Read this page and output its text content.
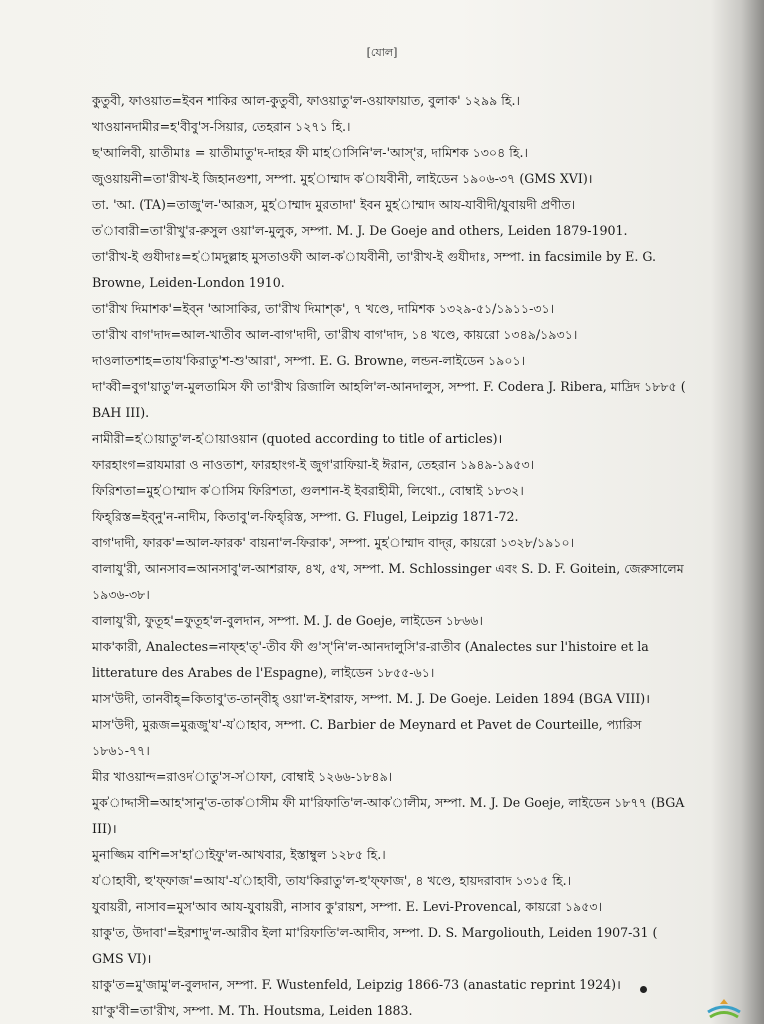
[যোল]

কুতুবী, ফাওয়াত=ইবন শাকির আল-কুতুবী, ফাওয়াতু'ল-ওয়াফায়াত, বুলাক' ১২৯৯ হি.।

খাওয়ানদামীর=হ'বীবু'স-সিয়ার, তেহরান ১২৭১ হি.।

ছ'আলিবী, য়াতীমাঃ = য়াতীমাতু'দ-দাহর ফী মাহ'াসিনি'ল-'আস্'র, দামিশক ১৩০৪ হি.।

জুওয়ায়নী=তা'রীখ-ই জিহানগুশা, সম্পা. মুহ'াম্মাদ ক'াযবীনী, লাইডেন ১৯০৬-৩৭ (GMS XVI)।

তা. 'আ. (TA)=তাজু'ল-'আরূস, মুহ'াম্মাদ মুরতাদা' ইবন মুহ'াম্মাদ আয-যাবীদী/যুবায়দী প্রণীত।

ত'াবারী=তা'রীখু'র-রুসুল ওয়া'ল-মুলুক, সম্পা. M. J. De Goeje and others, Leiden 1879-1901.

তা'রীখ-ই গুযীদাঃ=হ'ামদুল্লাহ মুসতাওফী আল-ক'াযবীনী, তা'রীখ-ই গুযীদাঃ, সম্পা. in facsimile by E. G. Browne, Leiden-London 1910.

তা'রীখ দিমাশক'=ইব্‌ন 'আসাকির, তা'রীখ দিমাশ্‌ক', ৭ খণ্ডে, দামিশক ১৩২৯-৫১/১৯১১-৩১।

তা'রীখ বাগ'দাদ=আল-খাতীব আল-বাগ'দাদী, তা'রীখ বাগ'দাদ, ১৪ খণ্ডে, কায়রো ১৩৪৯/১৯৩১।

দাওলাতশাহ=তায'কিরাতু'শ-শু'আরা', সম্পা. E. G. Browne, লন্ডন-লাইডেন ১৯০১।

দা'ব্বী=বুগ'য়াতু'ল-মুলতামিস ফী তা'রীখ রিজালি আহলি'ল-আনদালুস, সম্পা. F. Codera J. Ribera, মাদ্রিদ ১৮৮৫ ( BAH III).

নামীরী=হ'ায়াতু'ল-হ'ায়াওয়ান (quoted according to title of articles)।

ফারহাংগ=রাযমারা ও নাওতাশ, ফারহাংগ-ই জুগ'রাফিয়া-ই ঈরান, তেহরান ১৯৪৯-১৯৫৩।

ফিরিশতা=মুহ'াম্মাদ ক'াসিম ফিরিশতা, গুলশান-ই ইবরাহীমী, লিথো., বোম্বাই ১৮৩২।

ফিহ্‌রিস্ত=ইব্‌নু'ন-নাদীম, কিতাবু'ল-ফিহ্‌রিস্ত, সম্পা. G. Flugel, Leipzig 1871-72.

বাগ'দাদী, ফারক'=আল-ফারক' বায়না'ল-ফিরাক', সম্পা. মুহ'াম্মাদ বাদ্‌র, কায়রো ১৩২৮/১৯১০।

বালাযু'রী, আনসাব=আনসাবু'ল-আশরাফ, ৪খ, ৫খ, সম্পা. M. Schlossinger এবং S. D. F. Goitein, জেরুসালেম ১৯৩৬-৩৮।

বালাযু'রী, ফুতূহ'=ফুতূহ'ল-বুলদান, সম্পা. M. J. de Goeje, লাইডেন ১৮৬৬।

মাক'কারী, Analectes=নাফ্‌হ'ত্'-তীব ফী গু'স্'নি'ল-আনদালুসি'র-রাতীব (Analectes sur l'histoire et la litterature des Arabes de l'Espagne), লাইডেন ১৮৫৫-৬১।

মাস'উদী, তানবীহ্‌=কিতাবু'ত-তান্‌বীহ্‌ ওয়া'ল-ইশরাফ, সম্পা. M. J. De Goeje. Leiden 1894 (BGA VIII)।

মাস'উদী, মুরূজ=মুরূজু'য'-য'াহাব, সম্পা. C. Barbier de Meynard et Pavet de Courteille, প্যারিস ১৮৬১-৭৭।

মীর খাওয়ান্দ=রাওদ'াতু'স-স'াফা, বোম্বাই ১২৬৬-১৮৪৯।

মুক'াদ্দাসী=আহ'সানু'ত-তাক'াসীম ফী মা'রিফাতি'ল-আক'ালীম, সম্পা. M. J. De Goeje, লাইডেন ১৮৭৭ (BGA III)।

মুনাজ্জিম বাশি=স'হা'াইফু'ল-আখবার, ইস্তাম্বুল ১২৮৫ হি.।

য'াহাবী, হু'ফ্ফাজ'=আয'-য'াহাবী, তায'কিরাতু'ল-হু'ফ্ফাজ', ৪ খণ্ডে, হায়দরাবাদ ১৩১৫ হি.।

যুবায়রী, নাসাব=মুস'আব আয-যুবায়রী, নাসাব কু'রায়শ, সম্পা. E. Levi-Provencal, কায়রো ১৯৫৩।

য়াকু'ত, উদাবা'=ইরশাদু'ল-আরীব ইলা মা'রিফাতি'ল-আদীব, সম্পা. D. S. Margoliouth, Leiden 1907-31 ( GMS VI)।

য়াকু'ত=মু'জামু'ল-বুলদান, সম্পা. F. Wustenfeld, Leipzig 1866-73 (anastatic reprint 1924)।

য়া'কু'বী=তা'রীখ, সম্পা. M. Th. Houtsma, Leiden 1883.
